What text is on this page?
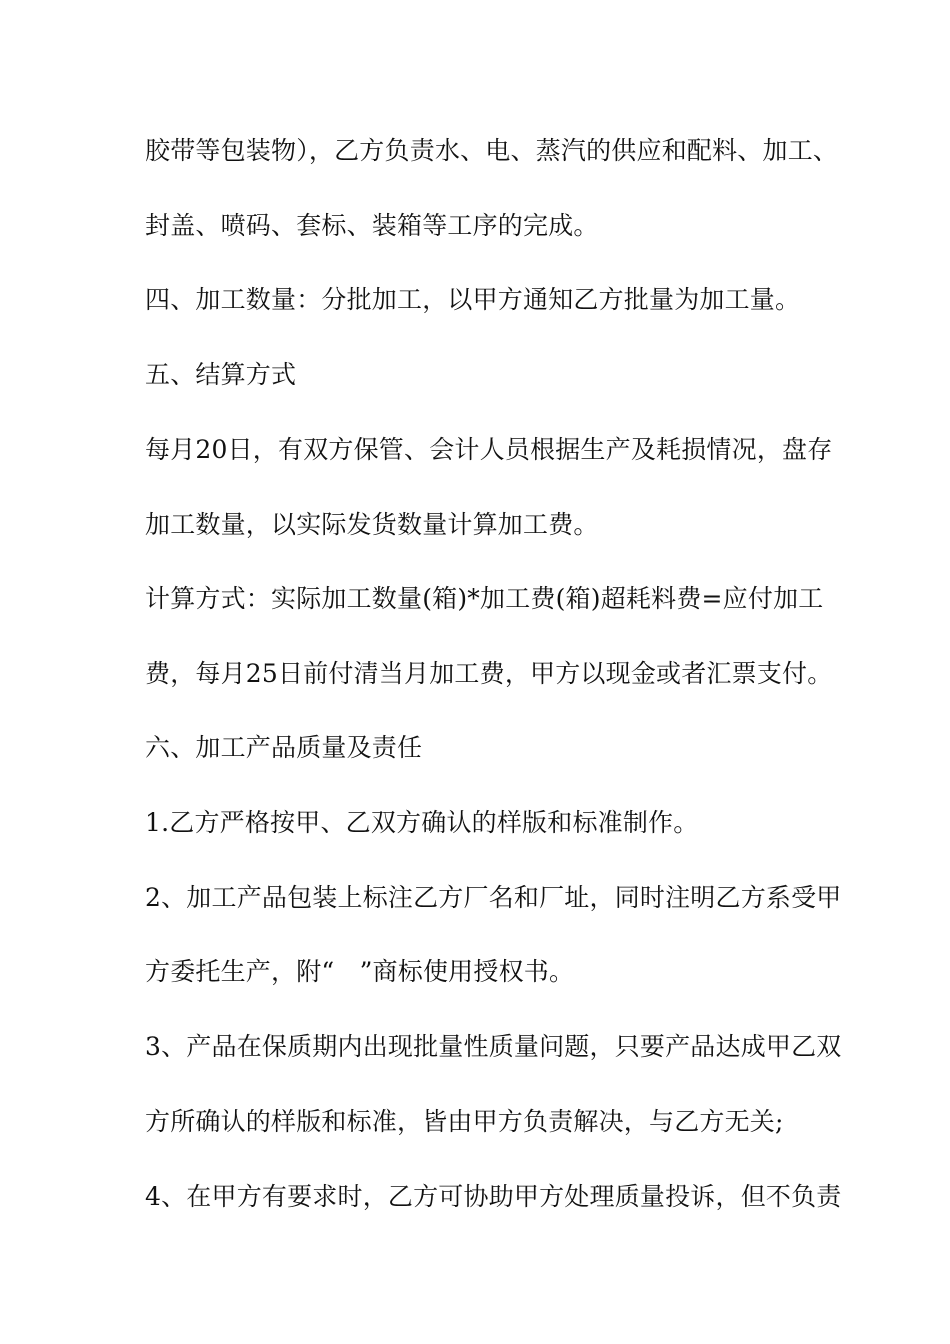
胶带等包装物），乙方负责水、电、蒸汽的供应和配料、加工、
封盖、喷码、套标、装箱等工序的完成。
四、加工数量：分批加工，以甲方通知乙方批量为加工量。
五、结算方式
每月20日，有双方保管、会计人员根据生产及耗损情况，盘存
加工数量，以实际发货数量计算加工费。
计算方式：实际加工数量(箱)*加工费(箱)超耗料费=应付加工
费，每月25日前付清当月加工费，甲方以现金或者汇票支付。
六、加工产品质量及责任
1.乙方严格按甲、乙双方确认的样版和标准制作。
2、加工产品包装上标注乙方厂名和厂址，同时注明乙方系受甲
方委托生产，附“　”商标使用授权书。
3、产品在保质期内出现批量性质量问题，只要产品达成甲乙双
方所确认的样版和标准，皆由甲方负责解决，与乙方无关;
4、在甲方有要求时，乙方可协助甲方处理质量投诉，但不负责
